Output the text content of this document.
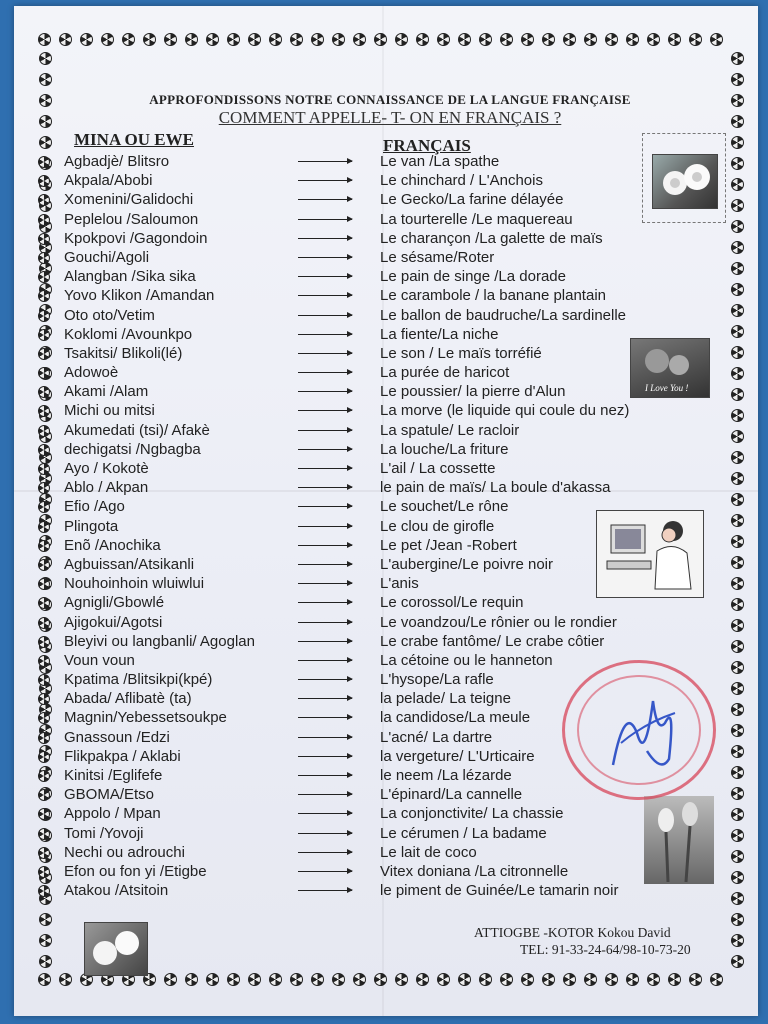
APPROFONDISSONS NOTRE CONNAISSANCE DE LA LANGUE FRANÇAISE
COMMENT APPELLE- T- ON EN FRANÇAIS ?
MINA OU EWE	FRANÇAIS
Agbadjè/ Blitsro	Le van /La spathe
Akpala/Abobi	Le chinchard / L'Anchois
Xomenini/Galidochi	Le Gecko/La farine délayée
Peplelou /Saloumon	La tourterelle /Le maquereau
Kpokpovi /Gagondoin	Le charançon /La galette de maïs
Gouchi/Agoli	Le sésame/Roter
Alangban /Sika sika	Le pain de singe /La dorade
Yovo Klikon /Amandan	Le carambole / la banane plantain
Oto oto/Vetim	Le ballon de baudruche/La sardinelle
Koklomi /Avounkpo	La fiente/La niche
Tsakitsi/ Blikoli(lé)	Le son / Le maïs torréfié
Adowoè	La purée de haricot
Akami /Alam	Le poussier/ la pierre d'Alun
Michi ou mitsi	La morve (le liquide qui coule du nez)
Akumedati (tsi)/ Afakè	La spatule/ Le racloir
dechigatsi /Ngbagba	La louche/La friture
Ayo / Kokotè	L'ail / La cossette
Ablo / Akpan	le pain de maïs/ La boule d'akassa
Efio /Ago	Le souchet/Le rônе
Plingota	Le clou de girofle
Enõ /Anochika	Le pet /Jean -Robert
Agbuissan/Atsikanli	L'aubergine/Le poivre noir
Nouhoinhoin wluiwlui	L'anis
Agnigli/Gbowlé	Le corossol/Le requin
Ajigokui/Agotsi	Le voandzou/Le rônier ou le rondier
Bleyivi ou langbanli/ Agoglan	Le crabe fantôme/ Le crabe côtier
Voun voun	La cétoine ou le hanneton
Kpatima /Blitsikpi(kpé)	L'hysope/La rafle
Abada/ Aflibatè (ta)	la pelade/ La teigne
Magnin/Yebessetsoukpe	la candidose/La meule
Gnassoun /Edzi	L'acné/ La dartre
Flikpakpa / Aklabi	la vergeture/ L'Urticaire
Kinitsi /Eglifefe	le neem /La lézarde
GBOMA/Etso	L'épinard/La cannelle
Appolo / Mpan	La conjonctivite/ La chassie
Tomi /Yovoji	Le cérumen / La badame
Nechi ou adrouchi	Le lait de coco
Efon ou fon yi /Etigbe	Vitex doniana /La citronnelle
Atakou /Atsitoin	le piment de Guinée/Le tamarin noir
I Love You !
ATTIOGBE -KOTOR Kokou David
TEL: 91-33-24-64/98-10-73-20
